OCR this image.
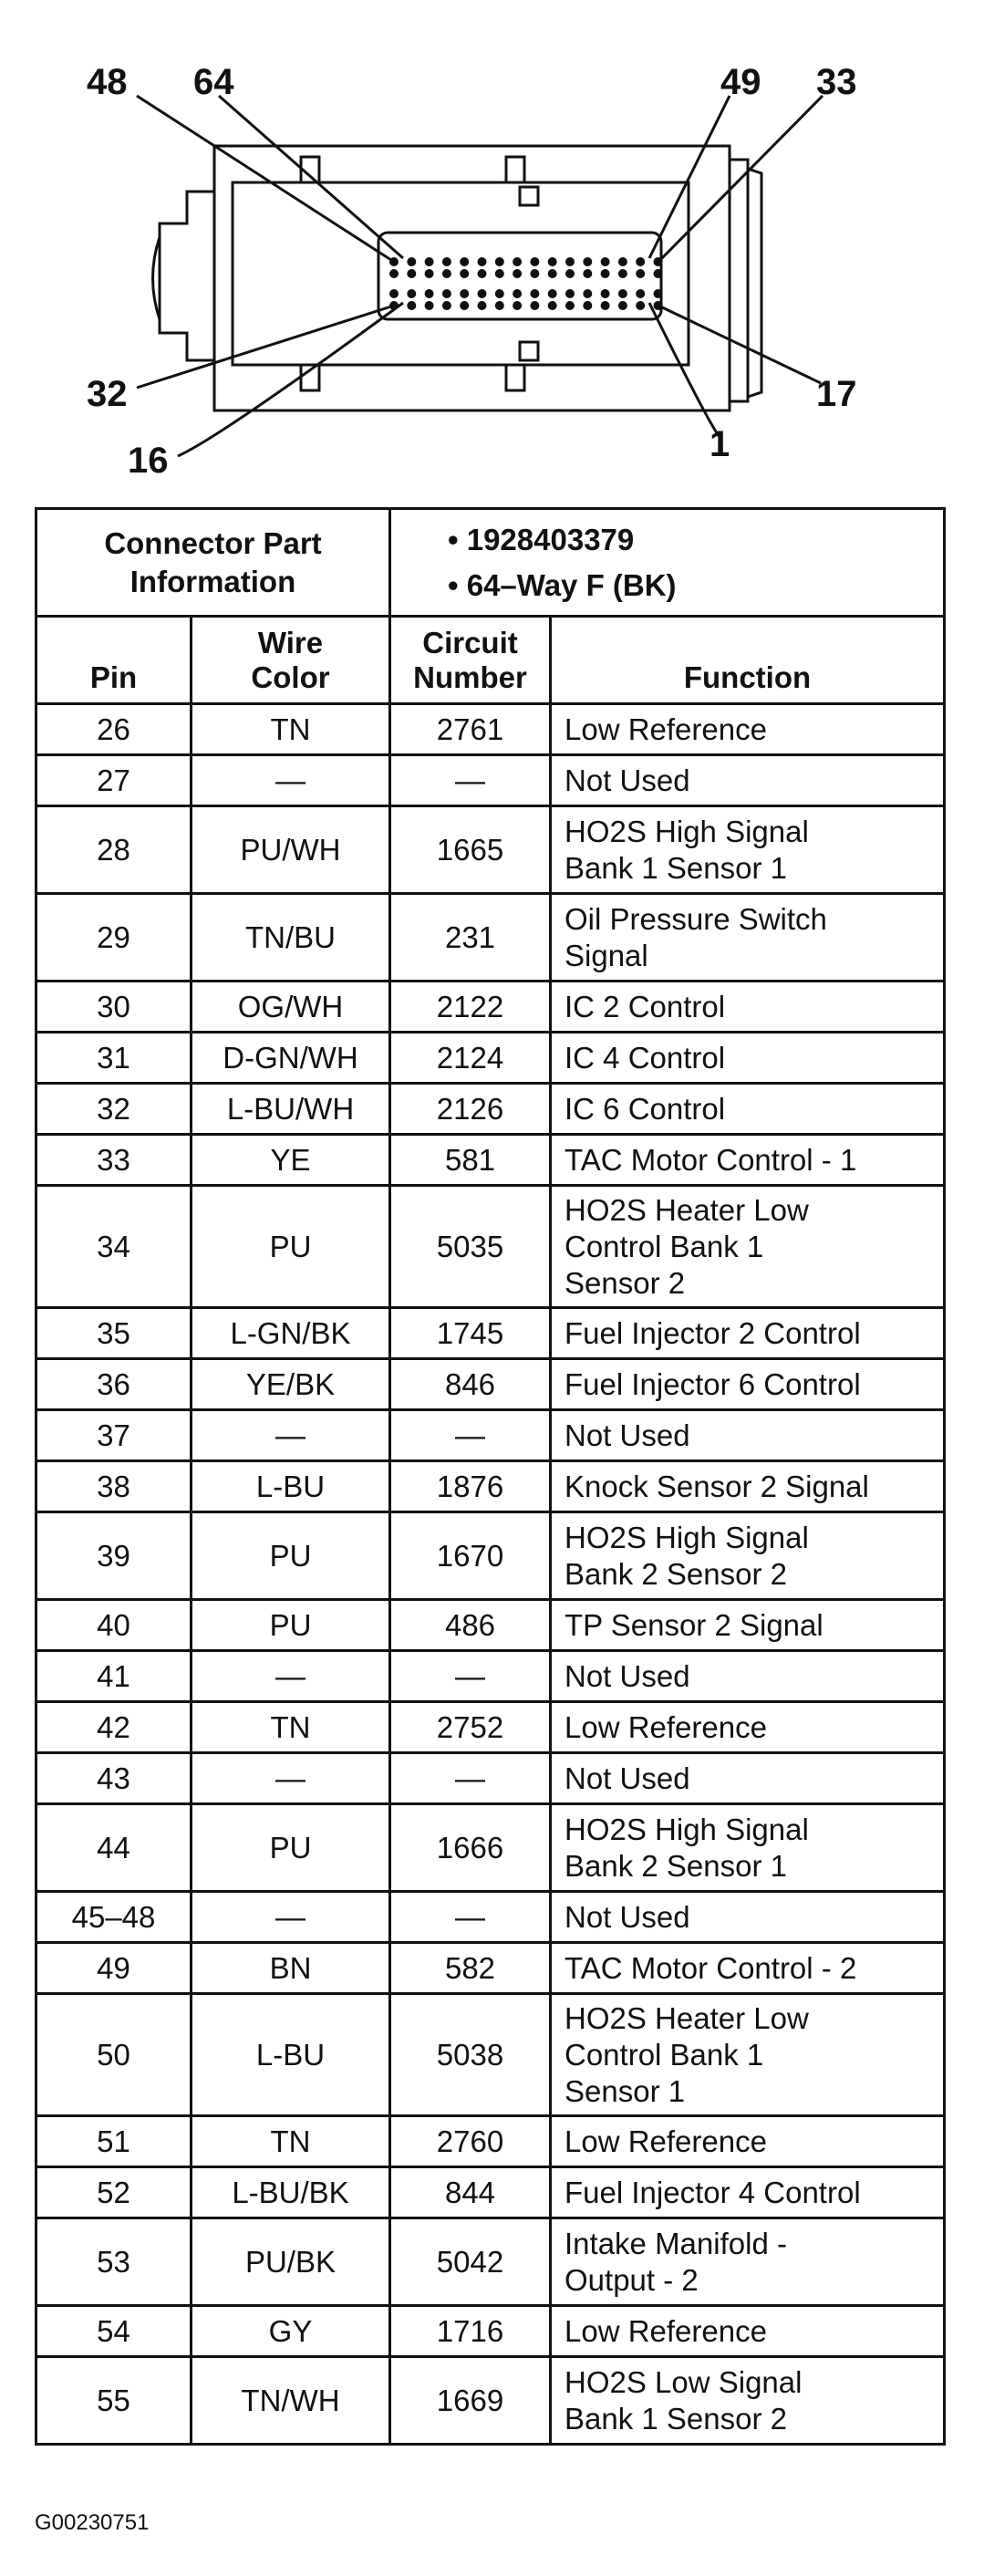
48 64	49 33
32
16
17
1
Connector Part Information		• 1928403379
• 64–Way F (BK)	

Pin	Wire Color	Circuit Number	Function
26	TN	2761	Low Reference

27	—	—	Not Used

28	PU/WH	1665	HO2S High Signal
Bank 1 Sensor 1

29	TN/BU	231	Oil Pressure Switch
Signal

30	OG/WH	2122	IC 2 Control

31	D-GN/WH	2124	IC 4 Control

32	L-BU/WH	2126	IC 6 Control

33	YE	581	TAC Motor Control - 1

34	PU	5035	HO2S Heater Low
Control Bank 1
Sensor 2

35	L-GN/BK	1745	Fuel Injector 2 Control

36	YE/BK	846	Fuel Injector 6 Control

37	—	—	Not Used

38	L-BU	1876	Knock Sensor 2 Signal

39	PU	1670	HO2S High Signal
Bank 2 Sensor 2

40	PU	486	TP Sensor 2 Signal

41	—	—	Not Used

42	TN	2752	Low Reference

43	—	—	Not Used

44	PU	1666	HO2S High Signal
Bank 2 Sensor 1

45–48	—	—	Not Used

49	BN	582	TAC Motor Control - 2

50	L-BU	5038	HO2S Heater Low
Control Bank 1
Sensor 1

51	TN	2760	Low Reference

52	L-BU/BK	844	Fuel Injector 4 Control

53	PU/BK	5042	Intake Manifold -
Output - 2

54	GY	1716	Low Reference

55	TN/WH	1669	HO2S Low Signal
Bank 1 Sensor 2
G00230751
